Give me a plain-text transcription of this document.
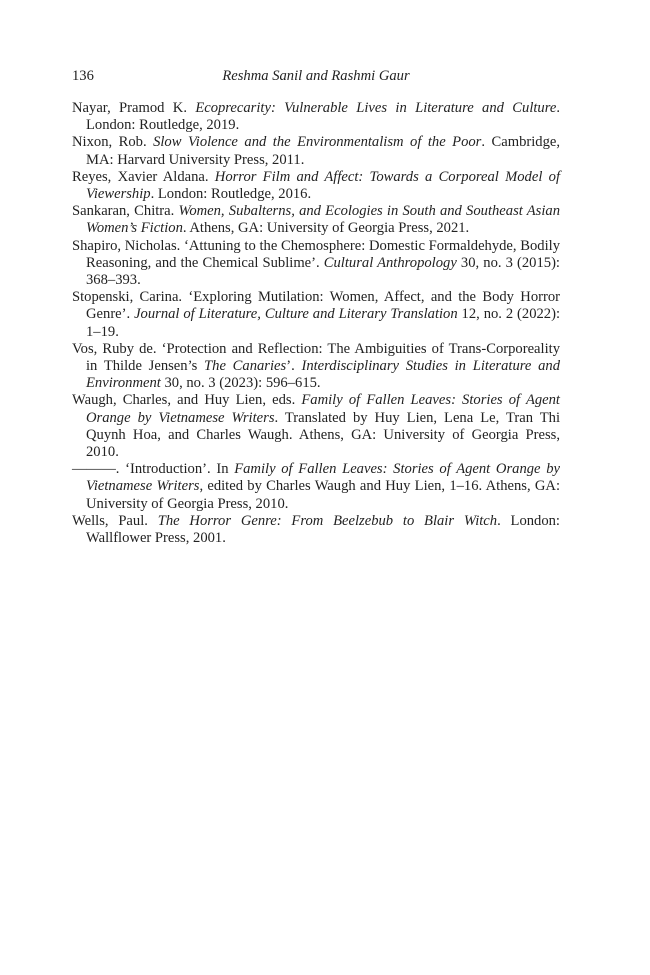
136	Reshma Sanil and Rashmi Gaur
Nayar, Pramod K. Ecoprecarity: Vulnerable Lives in Literature and Culture. London: Routledge, 2019.
Nixon, Rob. Slow Violence and the Environmentalism of the Poor. Cambridge, MA: Harvard University Press, 2011.
Reyes, Xavier Aldana. Horror Film and Affect: Towards a Corporeal Model of Viewership. London: Routledge, 2016.
Sankaran, Chitra. Women, Subalterns, and Ecologies in South and Southeast Asian Women’s Fiction. Athens, GA: University of Georgia Press, 2021.
Shapiro, Nicholas. ‘Attuning to the Chemosphere: Domestic Formaldehyde, Bodily Reasoning, and the Chemical Sublime’. Cultural Anthropology 30, no. 3 (2015): 368–393.
Stopenski, Carina. ‘Exploring Mutilation: Women, Affect, and the Body Horror Genre’. Journal of Literature, Culture and Literary Translation 12, no. 2 (2022): 1–19.
Vos, Ruby de. ‘Protection and Reflection: The Ambiguities of Trans-Corporeality in Thilde Jensen’s The Canaries’. Interdisciplinary Studies in Literature and Environment 30, no. 3 (2023): 596–615.
Waugh, Charles, and Huy Lien, eds. Family of Fallen Leaves: Stories of Agent Orange by Vietnamese Writers. Translated by Huy Lien, Lena Le, Tran Thi Quynh Hoa, and Charles Waugh. Athens, GA: University of Georgia Press, 2010.
———. ‘Introduction’. In Family of Fallen Leaves: Stories of Agent Orange by Vietnamese Writers, edited by Charles Waugh and Huy Lien, 1–16. Athens, GA: University of Georgia Press, 2010.
Wells, Paul. The Horror Genre: From Beelzebub to Blair Witch. London: Wallflower Press, 2001.
